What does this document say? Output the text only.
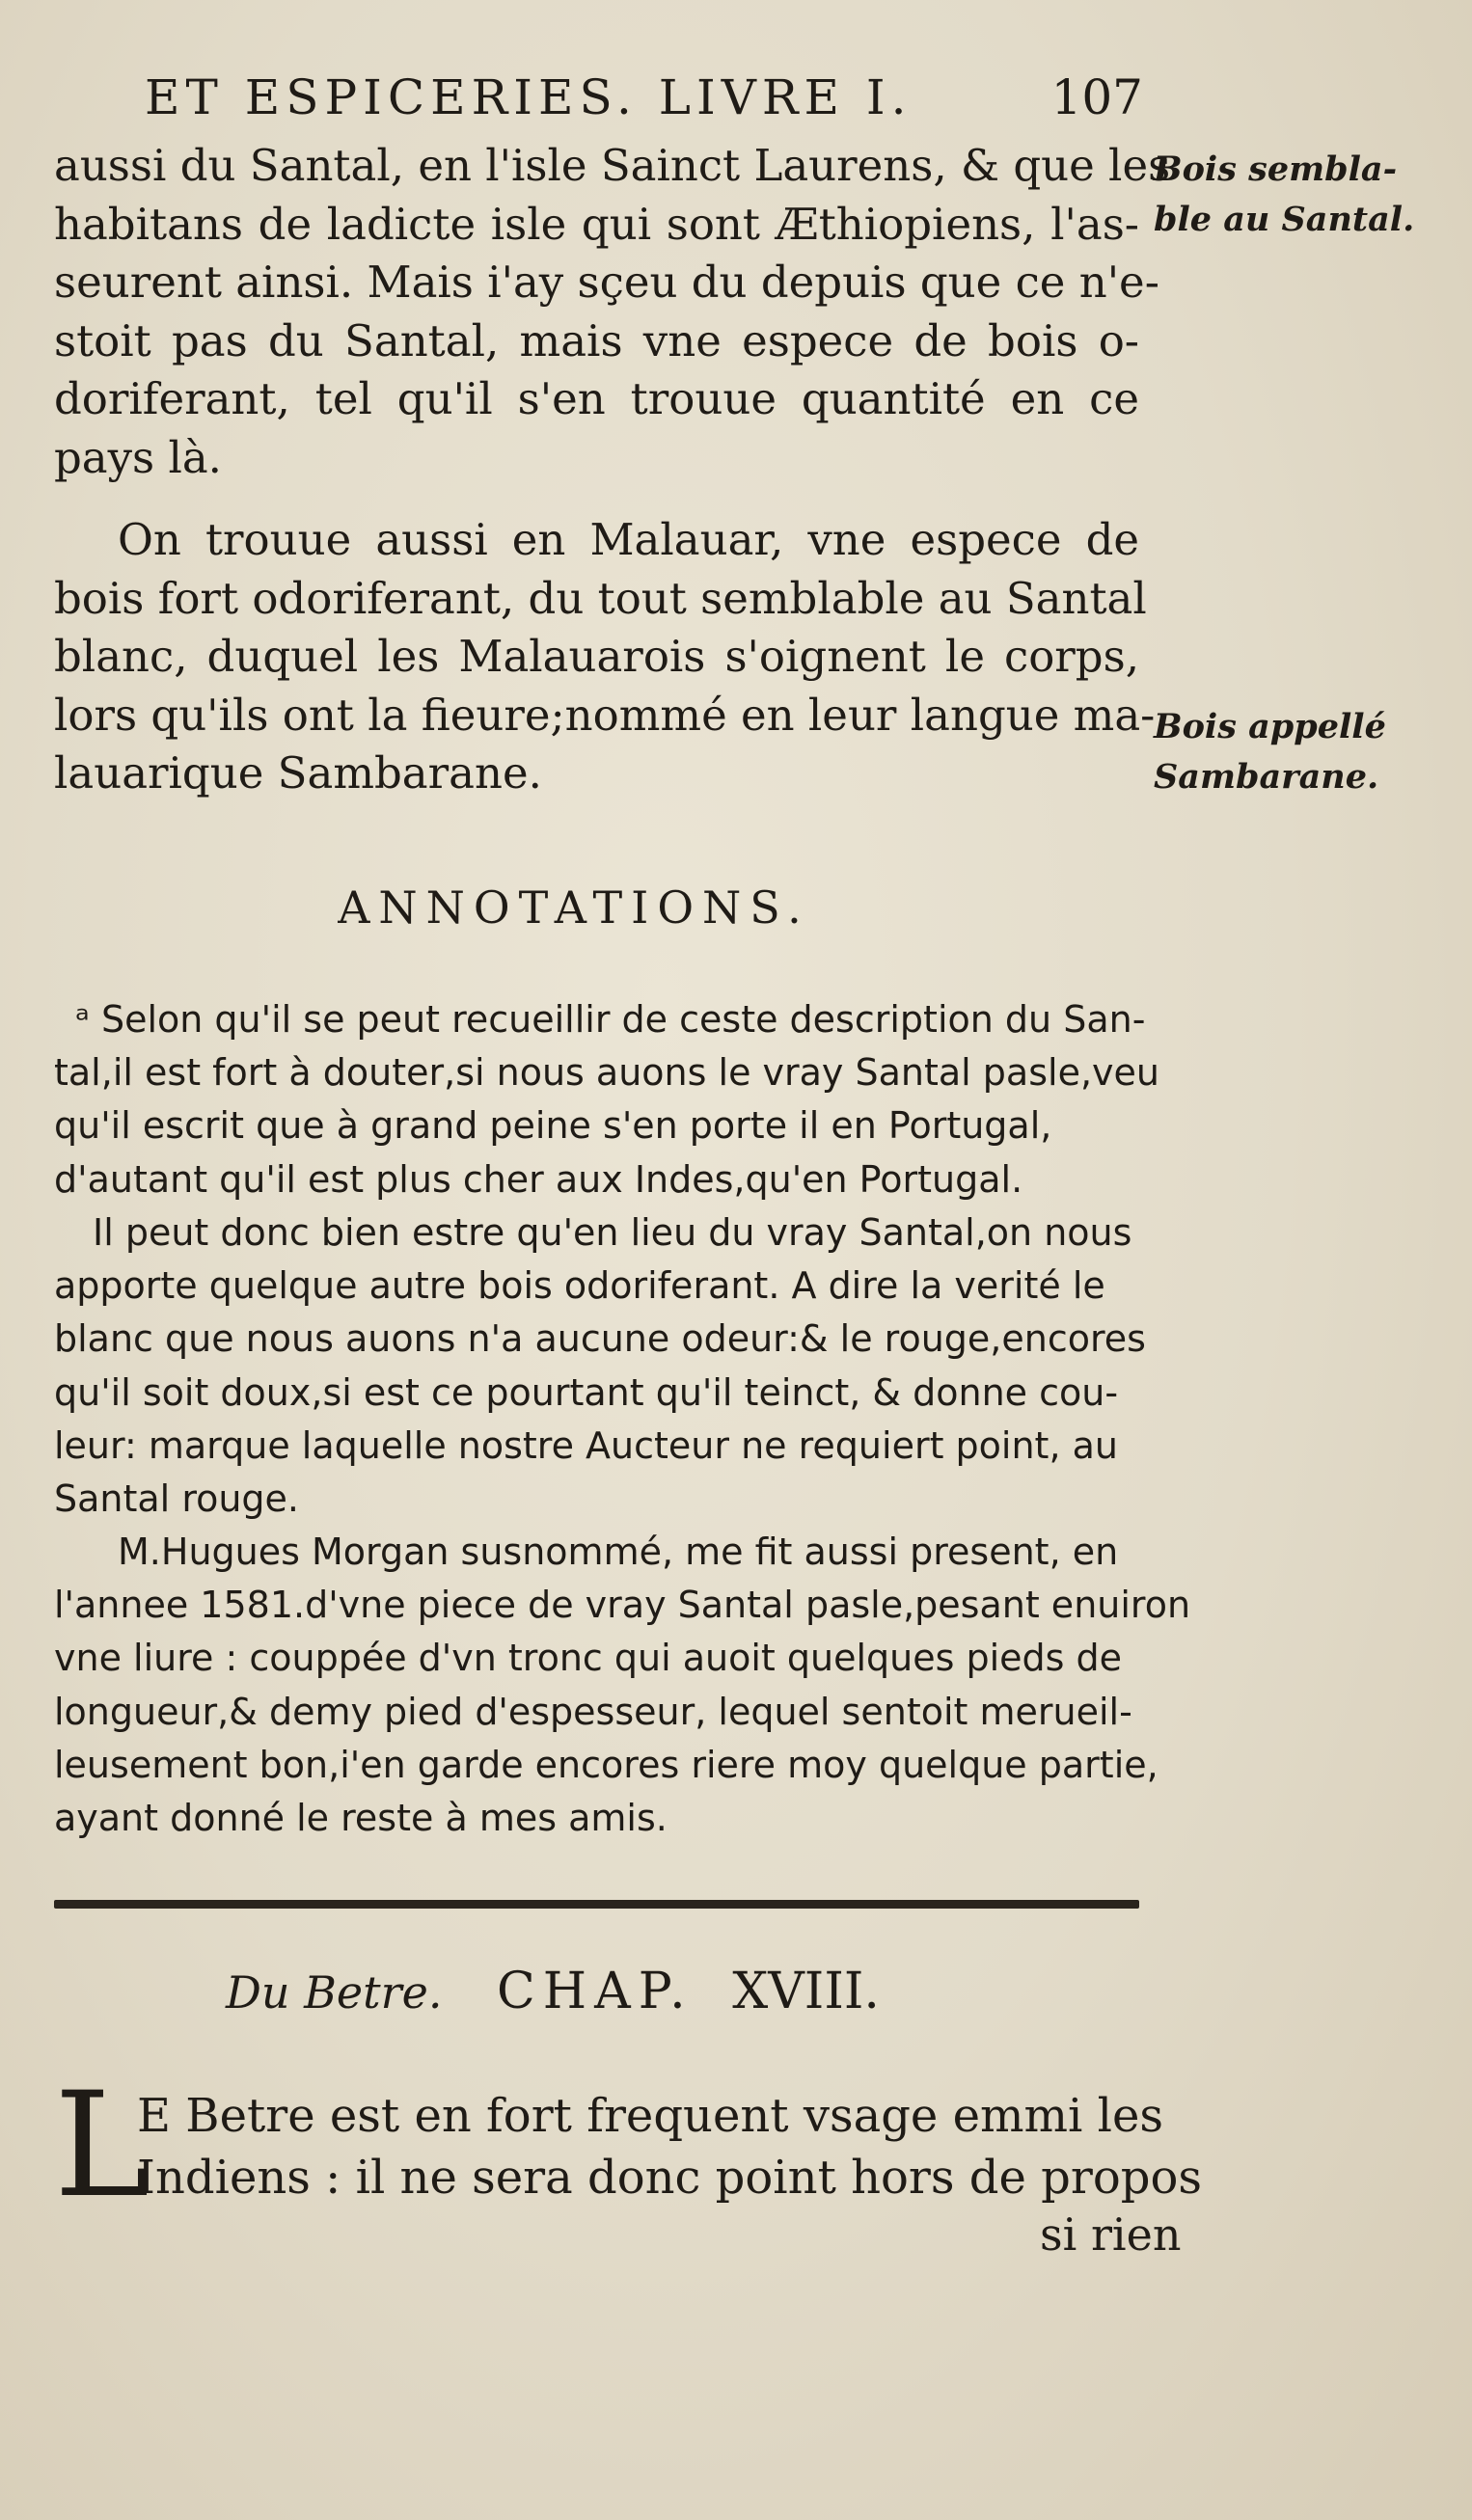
ET ESPICERIES. LIVRE I.	107
aussi du Santal, en l'isle Sainct Laurens, & que les
habitans de ladicte isle qui sont Æthiopiens, l'as-
seurent ainsi. Mais i'ay sçeu du depuis que ce n'e-
stoit pas du Santal, mais vne espece de bois o-
doriferant, tel qu'il s'en trouue quantité en ce
pays là.
On trouue aussi en Malauar, vne espece de
bois fort odoriferant, du tout semblable au Santal
blanc, duquel les Malauarois s'oignent le corps,
lors qu'ils ont la fieure;nommé en leur langue ma-
lauarique Sambarane.
Bois sembla-
ble au Santal.
Bois appellé
Sambarane.
ANNOTATIONS.
ᵃ Selon qu'il se peut recueillir de ceste description du San-
tal,il est fort à douter,si nous auons le vray Santal pasle,veu
qu'il escrit que à grand peine s'en porte il en Portugal,
d'autant qu'il est plus cher aux Indes,qu'en Portugal.
Il peut donc bien estre qu'en lieu du vray Santal,on nous
apporte quelque autre bois odoriferant. A dire la verité le
blanc que nous auons n'a aucune odeur:& le rouge,encores
qu'il soit doux,si est ce pourtant qu'il teinct, & donne cou-
leur: marque laquelle nostre Aucteur ne requiert point, au
Santal rouge.
M.Hugues Morgan susnommé, me fit aussi present, en
l'annee 1581.d'vne piece de vray Santal pasle,pesant enuiron
vne liure : couppée d'vn tronc qui auoit quelques pieds de
longueur,& demy pied d'espesseur, lequel sentoit merueil-
leusement bon,i'en garde encores riere moy quelque partie,
ayant donné le reste à mes amis.
Du Betre. CHAP. XVIII.
L
E Betre est en fort frequent vsage emmi les
Indiens : il ne sera donc point hors de propos
si rien
